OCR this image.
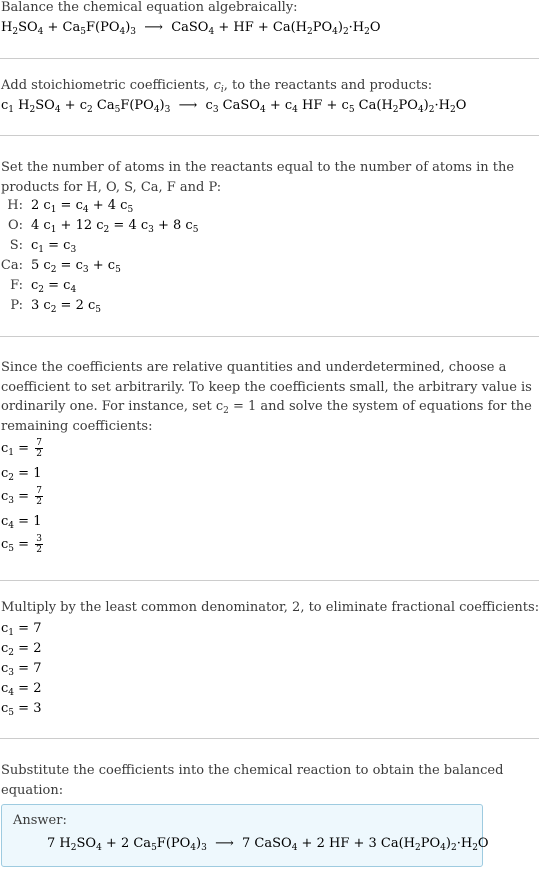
Balance the chemical equation algebraically:
$H_2SO_4 + Ca_5F(PO_4)_3$  ⟶  CaSO$_4$ + HF + $Ca(H_2PO_4)_2\cdot H_2O$
Add stoichiometric coefficients, $c_i$, to the reactants and products:
$c_1$ $H_2SO_4 + c_2$ $Ca_5F(PO_4)_3$  ⟶  $c_3$ CaSO$_4$ + $c_4$ HF + $c_5$ $Ca(H_2PO_4)_2\cdot H_2O$
Set the number of atoms in the reactants equal to the number of atoms in the products for H, O, S, Ca, F and P:
H: 2 $c_1 = c_4 + 4$ $c_5$
O: 4 $c_1 + 12$ $c_2 = 4$ $c_3 + 8$ $c_5$
S: $c_1 = c_3$
Ca: 5 $c_2 = c_3 + c_5$
F: $c_2 = c_4$
P: 3 $c_2 = 2$ $c_5$
Since the coefficients are relative quantities and underdetermined, choose a coefficient to set arbitrarily. To keep the coefficients small, the arbitrary value is ordinarily one. For instance, set $c_2 = 1$ and solve the system of equations for the remaining coefficients:
$c_1 = \frac{7}{2}$
$c_2 = 1$
$c_3 = \frac{7}{2}$
$c_4 = 1$
$c_5 = \frac{3}{2}$
Multiply by the least common denominator, 2, to eliminate fractional coefficients:
$c_1 = 7$
$c_2 = 2$
$c_3 = 7$
$c_4 = 2$
$c_5 = 3$
Substitute the coefficients into the chemical reaction to obtain the balanced equation:
Answer:
7 $H_2SO_4 + 2$ $Ca_5F(PO_4)_3$  ⟶  7 CaSO$_4$ + 2 HF + 3 $Ca(H_2PO_4)_2\cdot H_2O$
